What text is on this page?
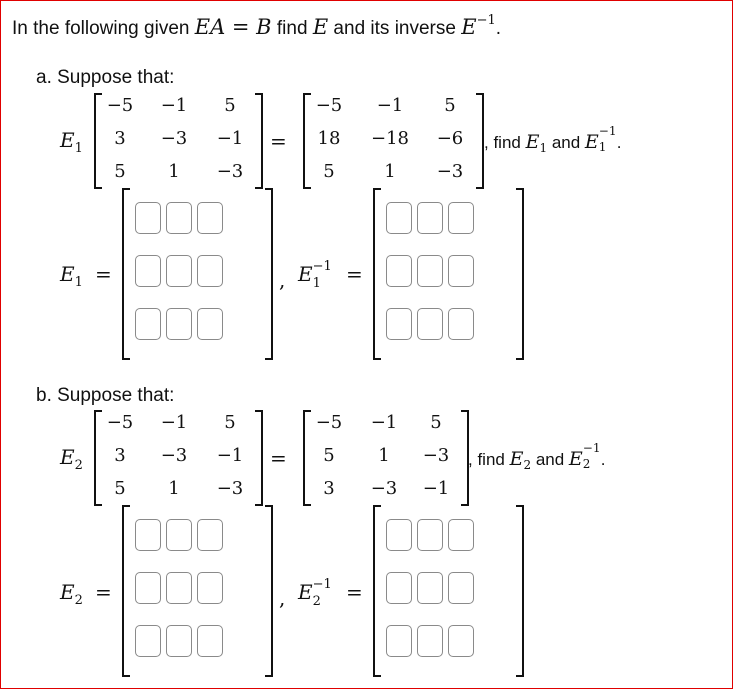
In the following given EA = B find E and its inverse $E^{-1}$.
a. Suppose that:
$E_1$
−5	−1	5
3	−3	−1
5	1	−3
=
−5	−1	5
18	−18	−6
5	1	−3
, find $E_1$ and E −1
1 .
$E_1$ =	, E −1
1 =
b. Suppose that:
$E_2$
−5	−1	5
3	−3	−1
5	1	−3
=
−5	−1	5
5	1	−3
3	−3	−1
, find $E_2$ and E −1
2 .
$E_2$ =	, E −1
2 =
